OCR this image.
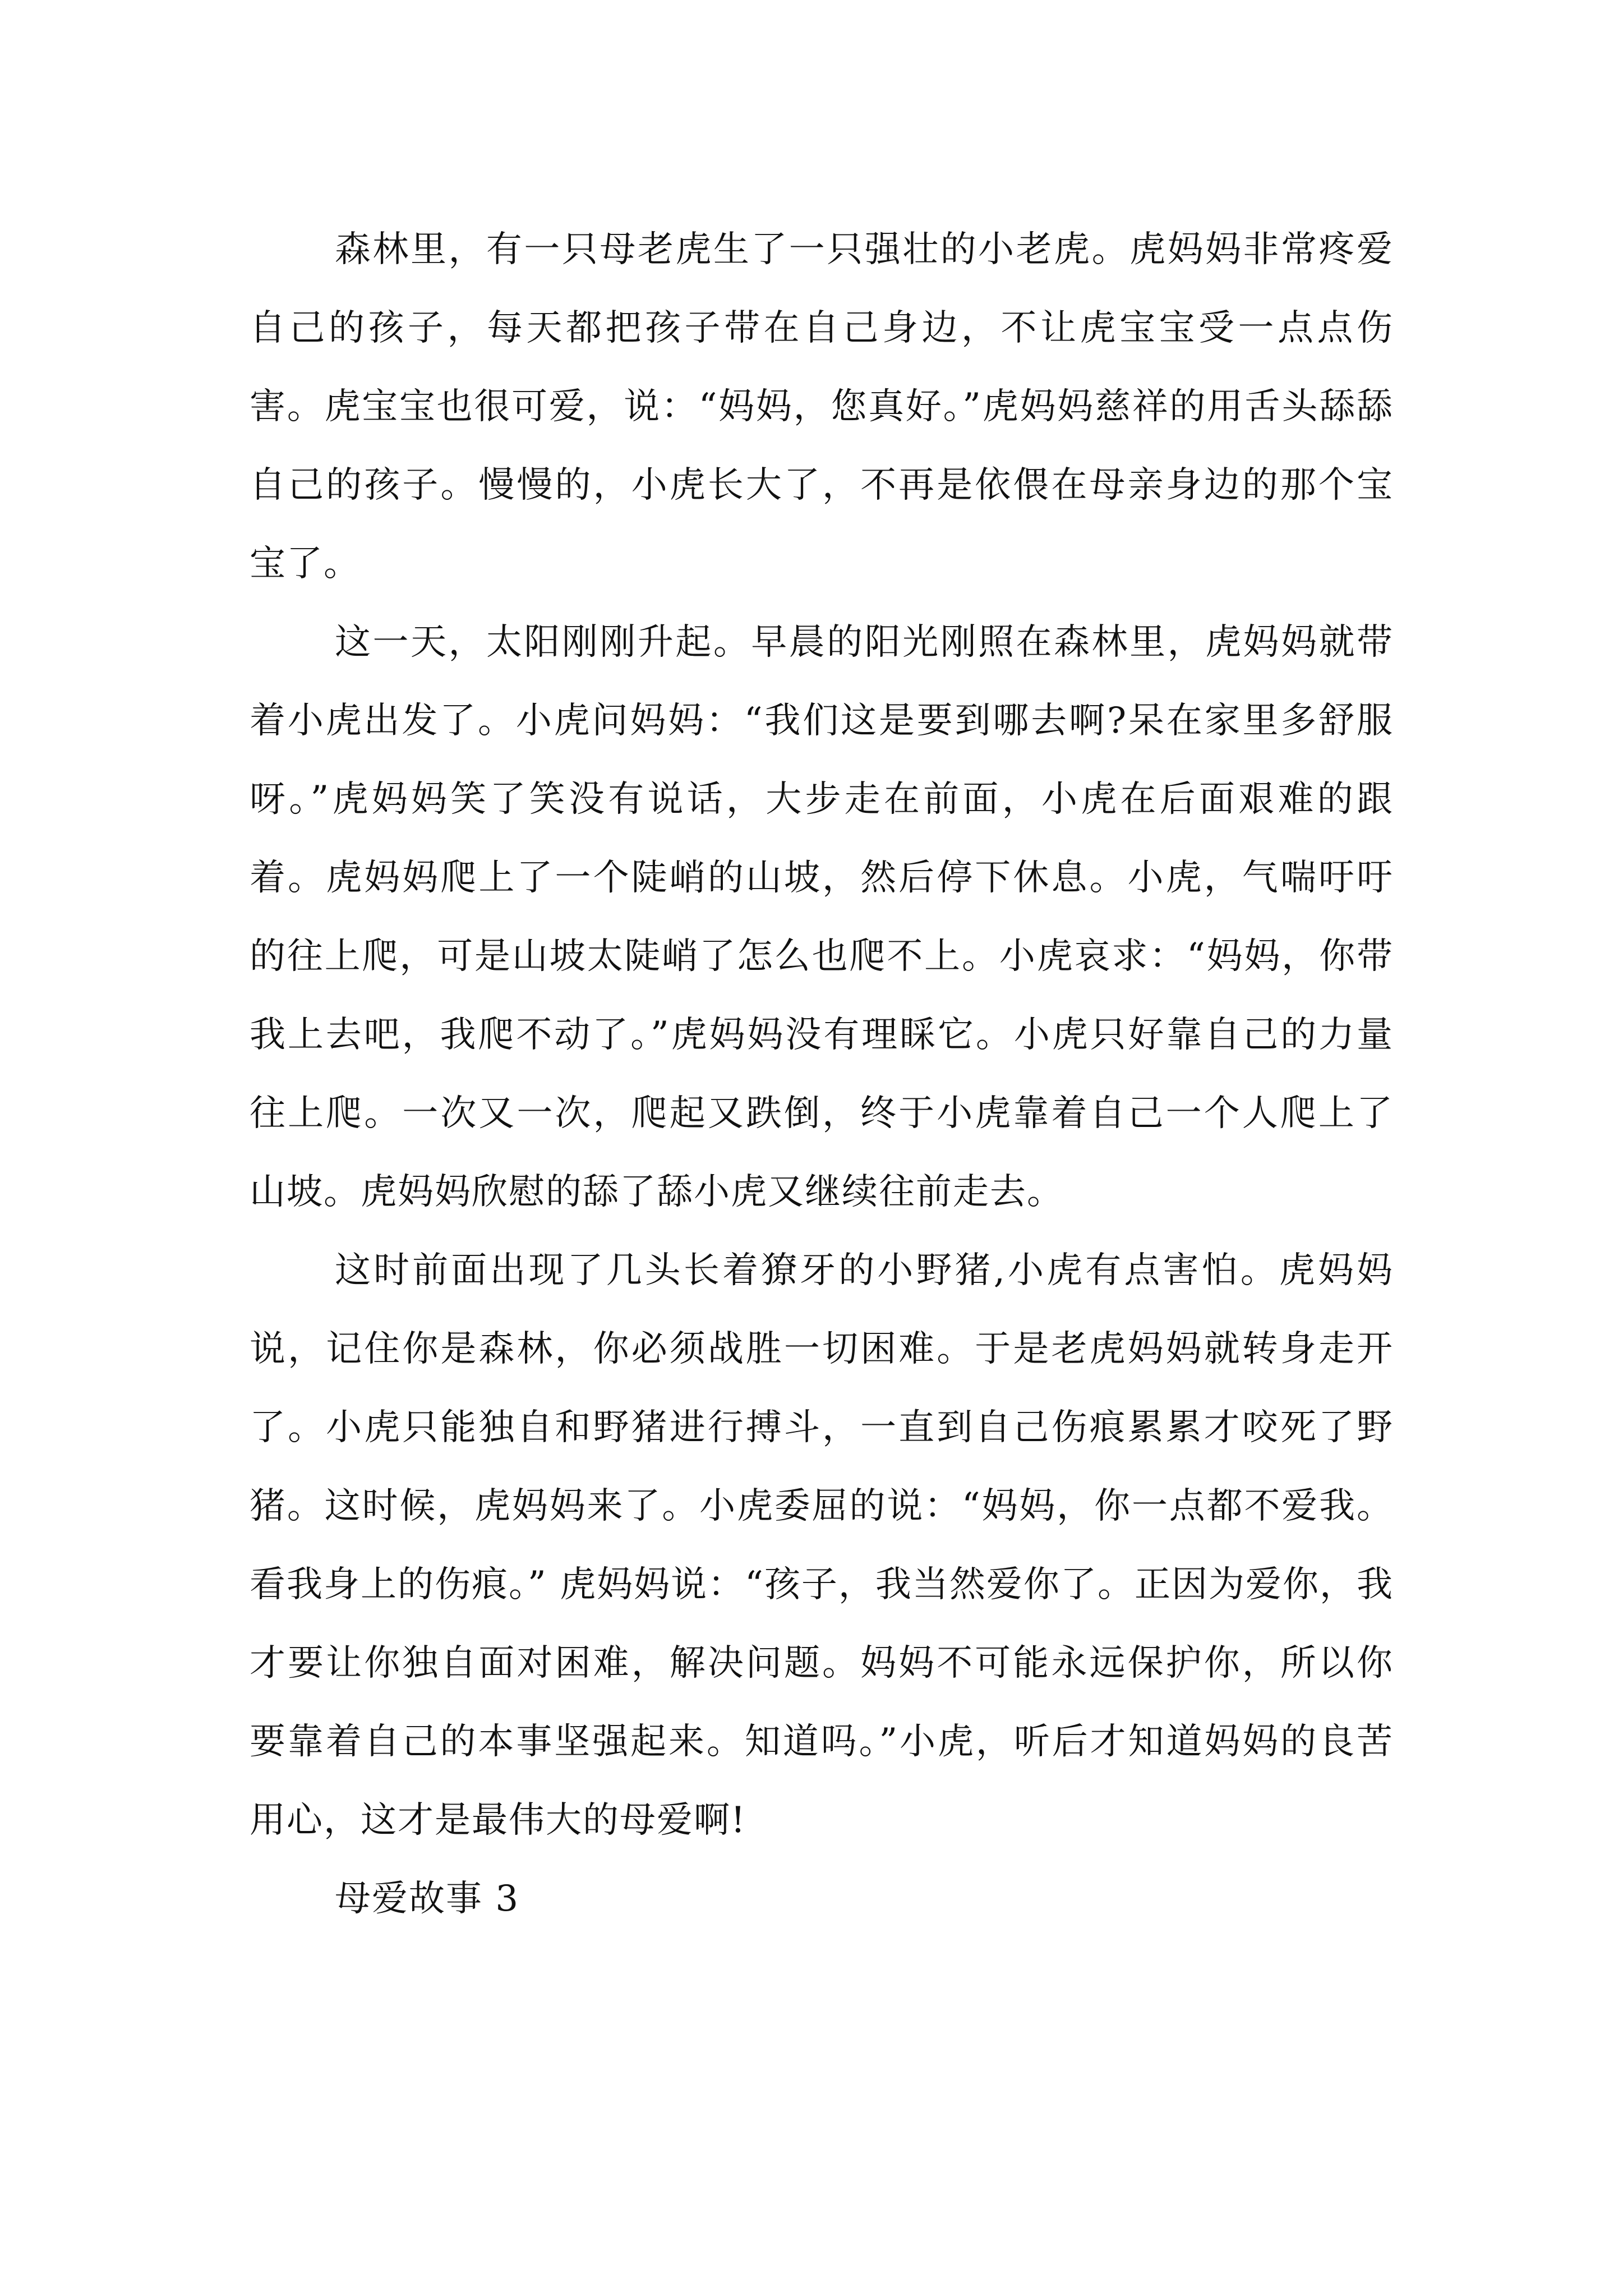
森林里，有一只母老虎生了一只强壮的小老虎。虎妈妈非常疼爱自己的孩子，每天都把孩子带在自己身边，不让虎宝宝受一点点伤害。虎宝宝也很可爱，说：“妈妈，您真好。”虎妈妈慈祥的用舌头舔舔自己的孩子。慢慢的，小虎长大了，不再是依偎在母亲身边的那个宝宝了。

这一天，太阳刚刚升起。早晨的阳光刚照在森林里，虎妈妈就带着小虎出发了。小虎问妈妈：“我们这是要到哪去啊?呆在家里多舒服呀。”虎妈妈笑了笑没有说话，大步走在前面，小虎在后面艰难的跟着。虎妈妈爬上了一个陡峭的山坡，然后停下休息。小虎，气喘吁吁的往上爬，可是山坡太陡峭了怎么也爬不上。小虎哀求：“妈妈，你带我上去吧，我爬不动了。”虎妈妈没有理睬它。小虎只好靠自己的力量往上爬。一次又一次，爬起又跌倒，终于小虎靠着自己一个人爬上了山坡。虎妈妈欣慰的舔了舔小虎又继续往前走去。

这时前面出现了几头长着獠牙的小野猪,小虎有点害怕。虎妈妈说，记住你是森林，你必须战胜一切困难。于是老虎妈妈就转身走开了。小虎只能独自和野猪进行搏斗，一直到自己伤痕累累才咬死了野猪。这时候，虎妈妈来了。小虎委屈的说：“妈妈，你一点都不爱我。看我身上的伤痕。” 虎妈妈说：“孩子，我当然爱你了。正因为爱你，我才要让你独自面对困难，解决问题。妈妈不可能永远保护你，所以你要靠着自己的本事坚强起来。知道吗。”小虎，听后才知道妈妈的良苦用心，这才是最伟大的母爱啊!

母爱故事 3
